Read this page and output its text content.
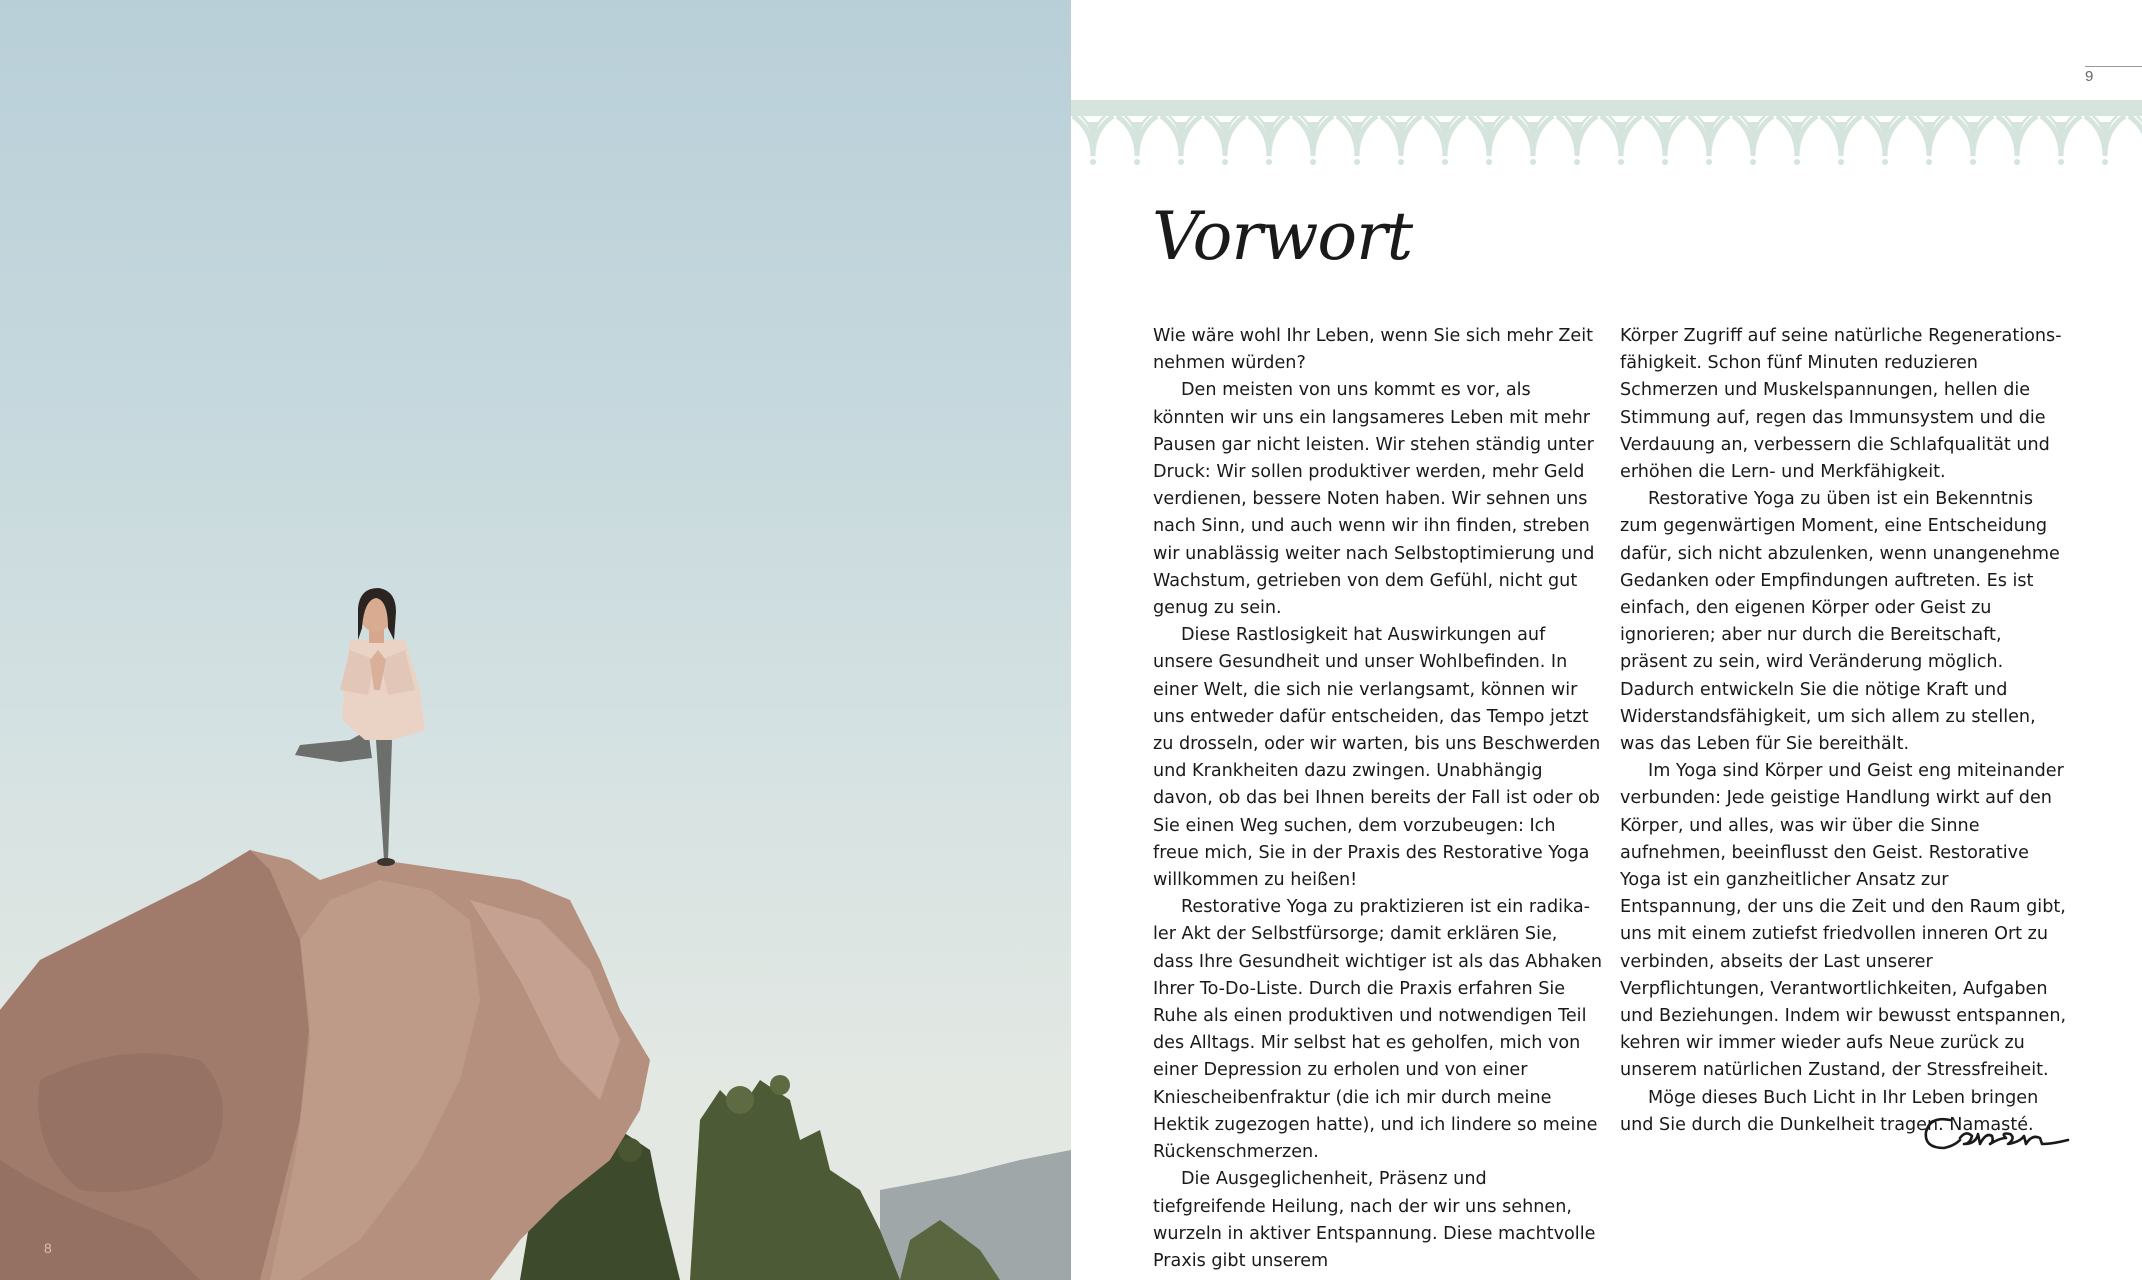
8
9
Vorwort

Wie wäre wohl Ihr Leben, wenn Sie sich mehr Zeit nehmen würden?

Den meisten von uns kommt es vor, als könnten wir uns ein langsameres Leben mit mehr Pausen gar nicht leisten. Wir stehen ständig unter Druck: Wir sollen produktiver werden, mehr Geld verdienen, bessere Noten haben. Wir sehnen uns nach Sinn, und auch wenn wir ihn finden, streben wir unablässig weiter nach Selbstoptimierung und Wachstum, getrieben von dem Gefühl, nicht gut genug zu sein.

Diese Rastlosigkeit hat Auswirkungen auf unsere Gesundheit und unser Wohlbefinden. In einer Welt, die sich nie verlangsamt, können wir uns entweder dafür entscheiden, das Tempo jetzt zu drosseln, oder wir warten, bis uns Beschwerden und Krankheiten dazu zwingen. Unabhängig davon, ob das bei Ihnen bereits der Fall ist oder ob Sie einen Weg suchen, dem vorzubeugen: Ich freue mich, Sie in der Praxis des Restorative Yoga willkommen zu heißen!

Restorative Yoga zu praktizieren ist ein radikaler Akt der Selbstfürsorge; damit erklären Sie, dass Ihre Gesundheit wichtiger ist als das Abhaken Ihrer To-Do-Liste. Durch die Praxis erfahren Sie Ruhe als einen produktiven und notwendigen Teil des Alltags. Mir selbst hat es geholfen, mich von einer Depression zu erholen und von einer Kniescheibenfraktur (die ich mir durch meine Hektik zugezogen hatte), und ich lindere so meine Rückenschmerzen.

Die Ausgeglichenheit, Präsenz und tiefgreifende Heilung, nach der wir uns sehnen, wurzeln in aktiver Entspannung. Diese machtvolle Praxis gibt unserem

Körper Zugriff auf seine natürliche Regenerationsfähigkeit. Schon fünf Minuten reduzieren Schmerzen und Muskelspannungen, hellen die Stimmung auf, regen das Immunsystem und die Verdauung an, verbessern die Schlafqualität und erhöhen die Lern- und Merkfähigkeit.

Restorative Yoga zu üben ist ein Bekenntnis zum gegenwärtigen Moment, eine Entscheidung dafür, sich nicht abzulenken, wenn unangenehme Gedanken oder Empfindungen auftreten. Es ist einfach, den eigenen Körper oder Geist zu ignorieren; aber nur durch die Bereitschaft, präsent zu sein, wird Veränderung möglich. Dadurch entwickeln Sie die nötige Kraft und Widerstandsfähigkeit, um sich allem zu stellen, was das Leben für Sie bereithält.

Im Yoga sind Körper und Geist eng miteinander verbunden: Jede geistige Handlung wirkt auf den Körper, und alles, was wir über die Sinne aufnehmen, beeinflusst den Geist. Restorative Yoga ist ein ganzheitlicher Ansatz zur Entspannung, der uns die Zeit und den Raum gibt, uns mit einem zutiefst friedvollen inneren Ort zu verbinden, abseits der Last unserer Verpflichtungen, Verantwortlichkeiten, Aufgaben und Beziehungen. Indem wir bewusst entspannen, kehren wir immer wieder aufs Neue zurück zu unserem natürlichen Zustand, der Stressfreiheit.

Möge dieses Buch Licht in Ihr Leben bringen und Sie durch die Dunkelheit tragen. Namasté.
